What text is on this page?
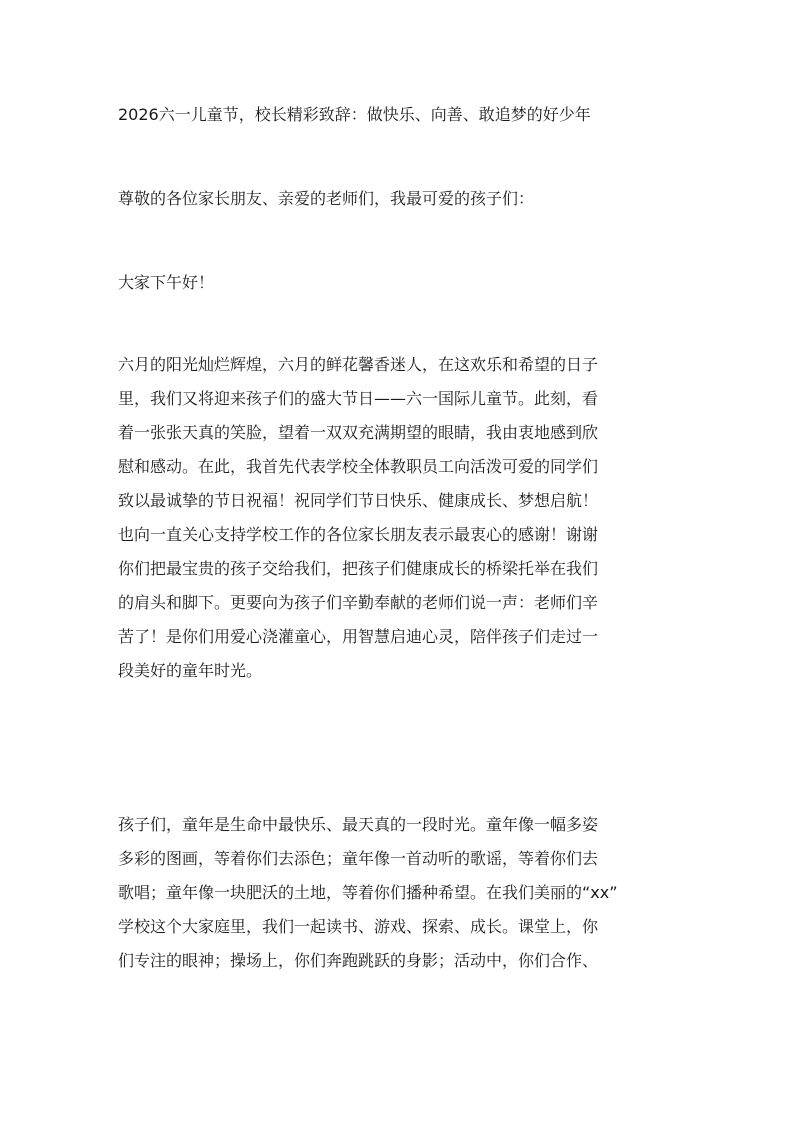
2026六一儿童节，校长精彩致辞：做快乐、向善、敢追梦的好少年

尊敬的各位家长朋友、亲爱的老师们，我最可爱的孩子们：

大家下午好！

六月的阳光灿烂辉煌，六月的鲜花馨香迷人，在这欢乐和希望的日子
里，我们又将迎来孩子们的盛大节日——六一国际儿童节。此刻，看
着一张张天真的笑脸，望着一双双充满期望的眼睛，我由衷地感到欣
慰和感动。在此，我首先代表学校全体教职员工向活泼可爱的同学们
致以最诚挚的节日祝福！祝同学们节日快乐、健康成长、梦想启航！
也向一直关心支持学校工作的各位家长朋友表示最衷心的感谢！谢谢
你们把最宝贵的孩子交给我们，把孩子们健康成长的桥梁托举在我们
的肩头和脚下。更要向为孩子们辛勤奉献的老师们说一声：老师们辛
苦了！是你们用爱心浇灌童心，用智慧启迪心灵，陪伴孩子们走过一
段美好的童年时光。

孩子们，童年是生命中最快乐、最天真的一段时光。童年像一幅多姿
多彩的图画，等着你们去添色；童年像一首动听的歌谣，等着你们去
歌唱；童年像一块肥沃的土地，等着你们播种希望。在我们美丽的“xx”
学校这个大家庭里，我们一起读书、游戏、探索、成长。课堂上，你
们专注的眼神；操场上，你们奔跑跳跃的身影；活动中，你们合作、
